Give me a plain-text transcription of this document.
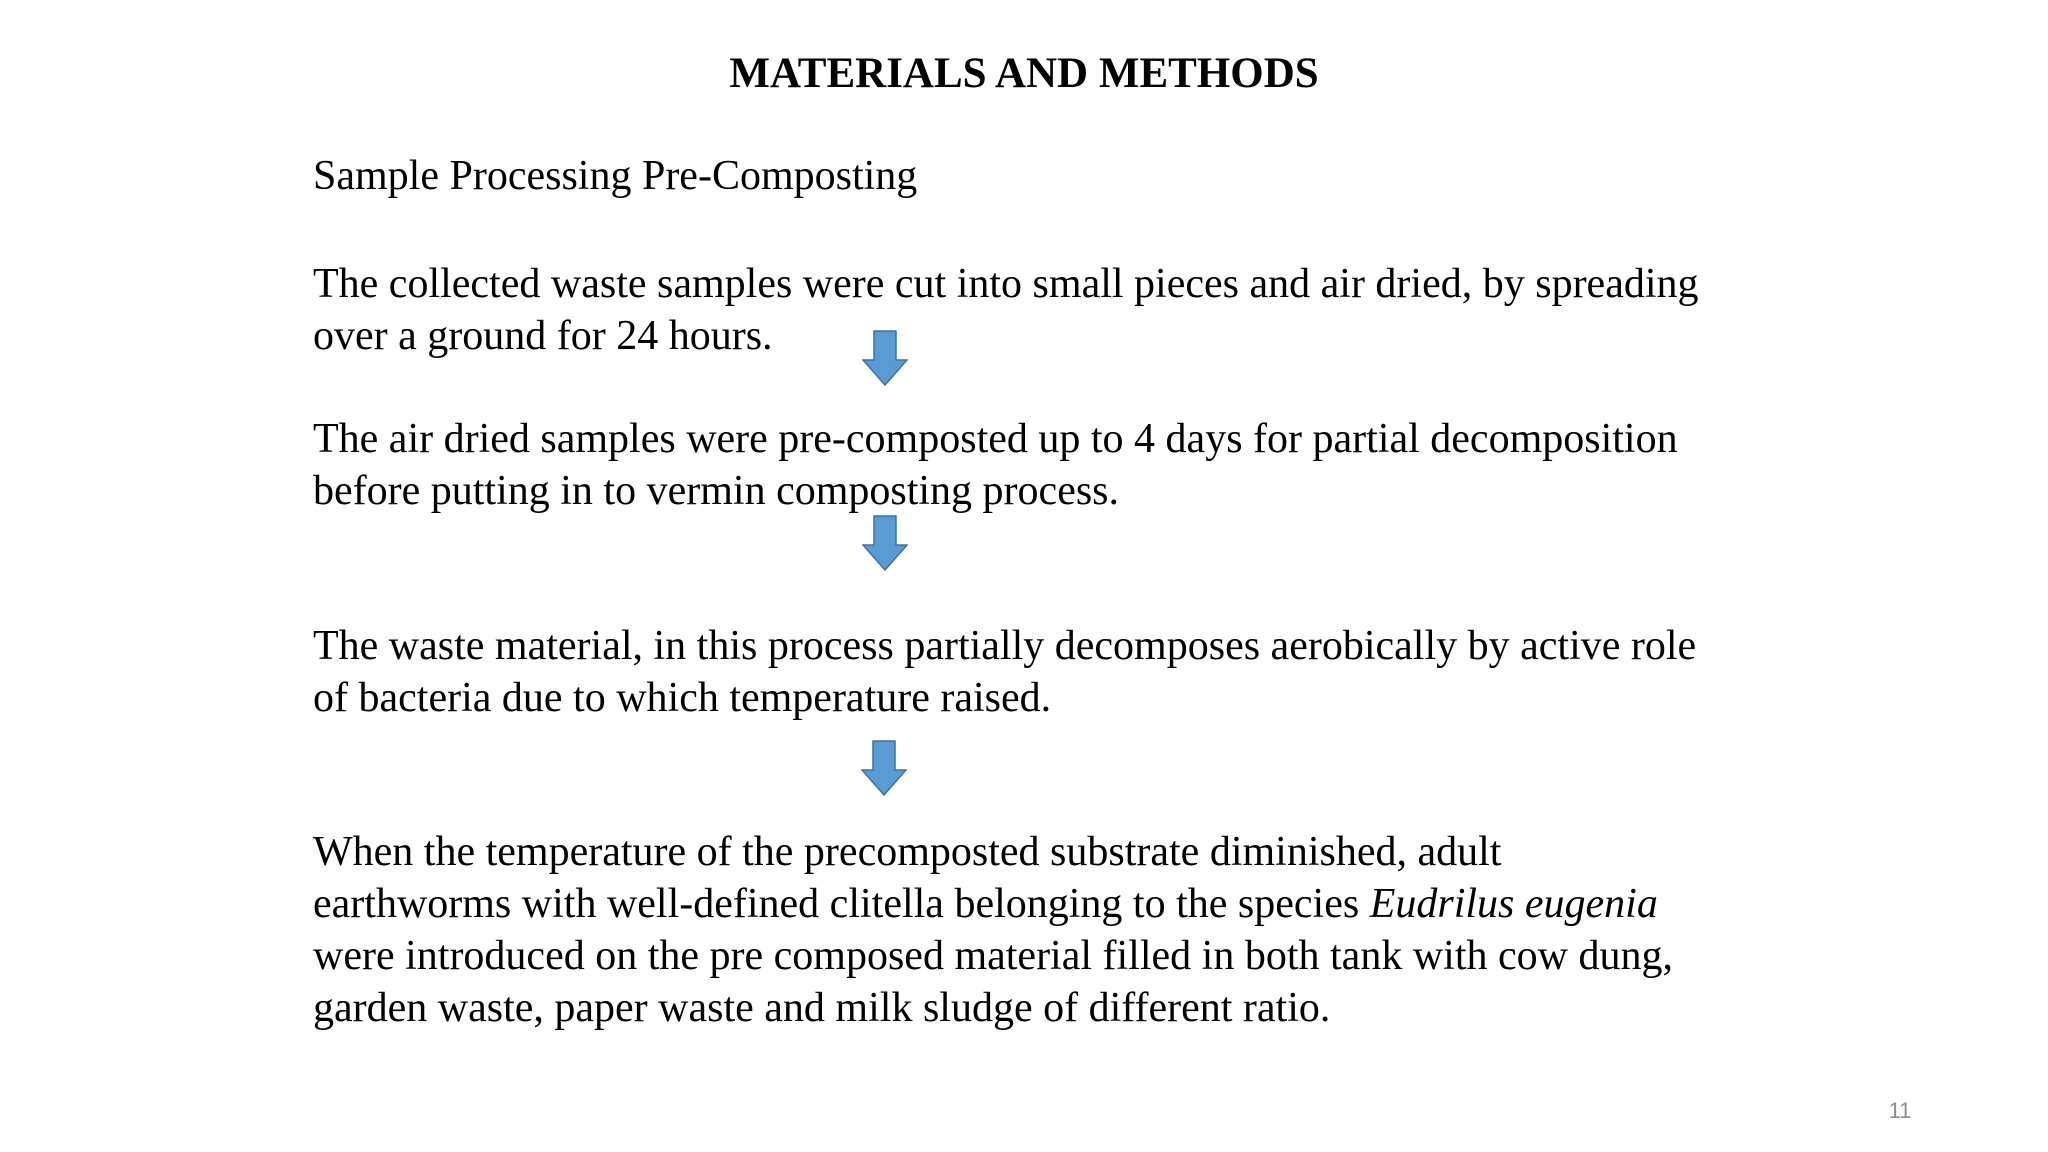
MATERIALS AND METHODS
Sample Processing Pre-Composting
The collected waste samples were cut into small pieces and air dried, by spreading
over a ground for 24 hours.
The air dried samples were pre-composted up to 4 days for partial decomposition
before putting in to vermin composting process.
The waste material, in this process partially decomposes aerobically by active role
of bacteria due to which temperature raised.
When the temperature of the precomposted substrate diminished, adult
earthworms with well-defined clitella belonging to the species Eudrilus eugenia
were introduced on the pre composed material filled in both tank with cow dung,
garden waste, paper waste and milk sludge of different ratio.
11
